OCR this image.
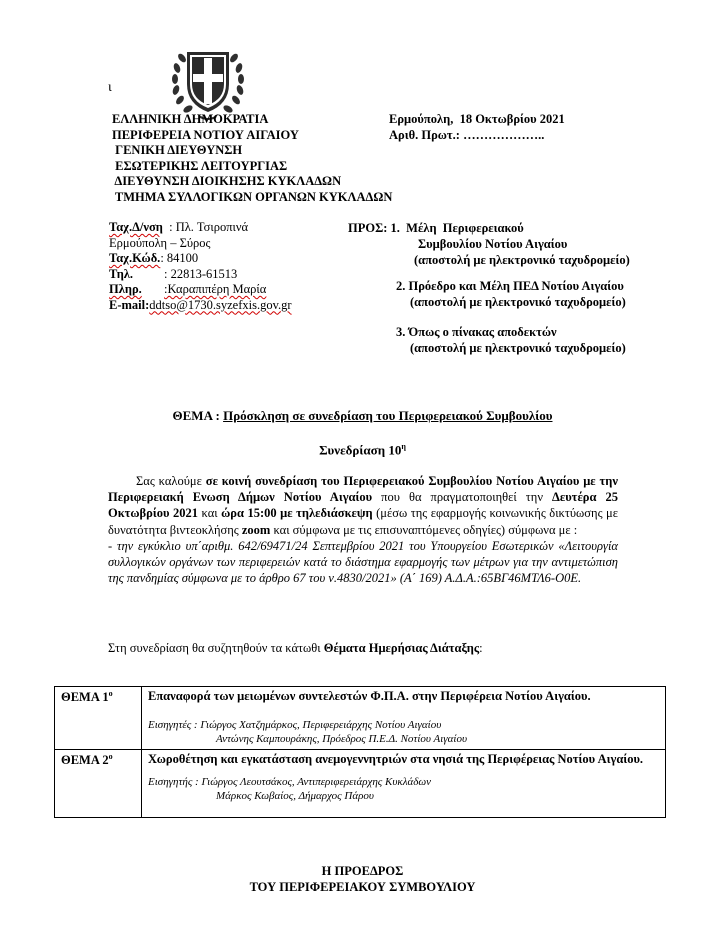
ι
ΕΛΛΗΝΙΚΗ ΔΗΜΟΚΡΑΤΙΑ
ΠΕΡΙΦΕΡΕΙΑ ΝΟΤΙΟΥ ΑΙΓΑΙΟΥ
ΓΕΝΙΚΗ ΔΙΕΥΘΥΝΣΗ
ΕΣΩΤΕΡΙΚΗΣ ΛΕΙΤΟΥΡΓΙΑΣ
ΔΙΕΥΘΥΝΣΗ ΔΙΟΙΚΗΣΗΣ ΚΥΚΛΑΔΩΝ
ΤΜΗΜΑ ΣΥΛΛΟΓΙΚΩΝ ΟΡΓΑΝΩΝ ΚΥΚΛΑΔΩΝ
Ερμούπολη,  18 Οκτωβρίου 2021
Αριθ. Πρωτ.: ………………..
Ταχ.Δ/νση  : Πλ. Τσιροπινά
Ερμούπολη – Σύρος
Ταχ.Κώδ.: 84100
Τηλ. : 22813-61513
Πληρ. :Καραπιπέρη Μαρία
E-mail:ddtso@1730.syzefxis.gov.gr
ΠΡΟΣ: 1.  Μέλη  Περιφερειακού
Συμβουλίου Νοτίου Αιγαίου
(αποστολή με ηλεκτρονικό ταχυδρομείο)
2. Πρόεδρο και Μέλη ΠΕΔ Νοτίου Αιγαίου
(αποστολή με ηλεκτρονικό ταχυδρομείο)
3. Όπως ο πίνακας αποδεκτών
(αποστολή με ηλεκτρονικό ταχυδρομείο)
ΘΕΜΑ : Πρόσκληση σε συνεδρίαση του Περιφερειακού Συμβουλίου
Συνεδρίαση $10^\eta$

Σας καλούμε σε κοινή συνεδρίαση του Περιφερειακού Συμβουλίου Νοτίου Αιγαίου με την Περιφερειακή Ενωση Δήμων Νοτίου Αιγαίου που θα πραγματοποιηθεί την Δευτέρα 25 Οκτωβρίου 2021 και ώρα 15:00 με τηλεδιάσκεψη (μέσω της εφαρμογής κοινωνικής δικτύωσης με δυνατότητα βιντεοκλήσης zoom και σύμφωνα με τις επισυναπτόμενες οδηγίες) σύμφωνα με :

- την εγκύκλιο υπ΄αριθμ. 642/69471/24 Σεπτεμβρίου 2021 του Υπουργείου Εσωτερικών «Λειτουργία συλλογικών οργάνων των περιφερειών κατά το διάστημα εφαρμογής των μέτρων για την αντιμετώπιση της πανδημίας σύμφωνα με το άρθρο 67 του ν.4830/2021» (Α΄ 169) Α.Δ.Α.:65ΒΓ46ΜΤΛ6-Ο0Ε.

Στη συνεδρίαση θα συζητηθούν τα κάτωθι Θέματα Ημερήσιας Διάταξης:
ΘΕΜΑ $1^o$	Επαναφορά των μειωμένων συντελεστών Φ.Π.Α. στην Περιφέρεια Νοτίου Αιγαίου.
Εισηγητές : Γιώργος Χατζημάρκος, Περιφερειάρχης Νοτίου Αιγαίου
Αντώνης Καμπουράκης, Πρόεδρος Π.Ε.Δ. Νοτίου Αιγαίου

ΘΕΜΑ $2^o$	Χωροθέτηση και εγκατάσταση ανεμογεννητριών στα νησιά της Περιφέρειας Νοτίου Αιγαίου.
Εισηγητής : Γιώργος Λεουτσάκος, Αντιπεριφερειάρχης Κυκλάδων
Μάρκος Κωβαίος, Δήμαρχος Πάρου
Η ΠΡΟΕΔΡΟΣ
ΤΟΥ ΠΕΡΙΦΕΡΕΙΑΚΟΥ ΣΥΜΒΟΥΛΙΟΥ
